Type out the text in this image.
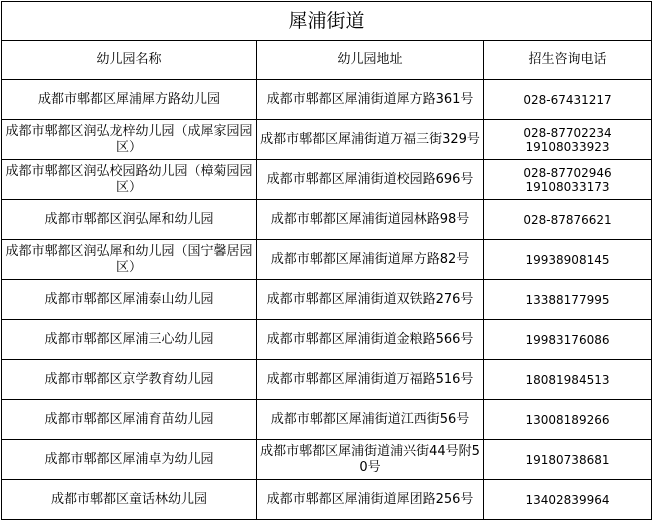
犀浦街道		
幼儿园名称	幼儿园地址	招生咨询电话
成都市郫都区犀浦犀方路幼儿园	成都市郫都区犀浦街道犀方路361号	028-67431217

成都市郫都区润弘龙梓幼儿园（成犀家园园区）	成都市郫都区犀浦街道万福三街329号	028-87702234
19108033923

成都市郫都区润弘校园路幼儿园（樟菊园园区）	成都市郫都区犀浦街道校园路696号	028-87702946
19108033173

成都市郫都区润弘犀和幼儿园	成都市郫都区犀浦街道园林路98号	028-87876621

成都市郫都区润弘犀和幼儿园（国宁馨居园区）	成都市郫都区犀浦街道犀方路82号	19938908145

成都市郫都区犀浦泰山幼儿园	成都市郫都区犀浦街道双铁路276号	13388177995

成都市郫都区犀浦三心幼儿园	成都市郫都区犀浦街道金粮路566号	19983176086

成都市郫都区京学教育幼儿园	成都市郫都区犀浦街道万福路516号	18081984513

成都市郫都区犀浦育苗幼儿园	成都市郫都区犀浦街道江西街56号	13008189266

成都市郫都区犀浦卓为幼儿园	成都市郫都区犀浦街道浦兴街44号附50号	19180738681

成都市郫都区童话林幼儿园	成都市郫都区犀浦街道犀团路256号	13402839964
